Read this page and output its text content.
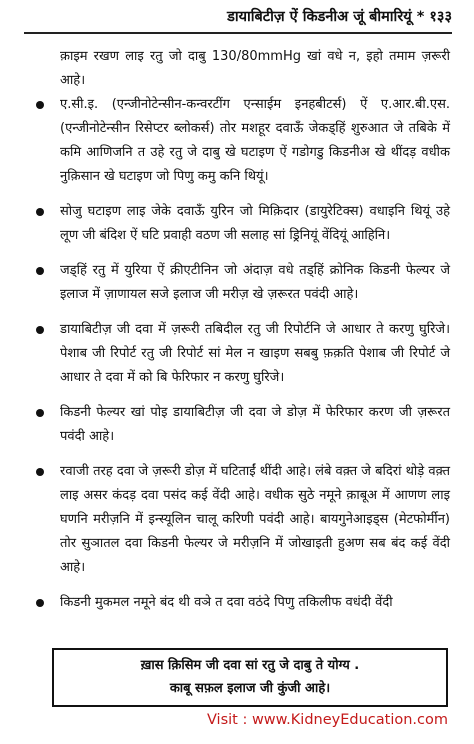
डायाबिटीज़ ऐं किडनीअ जूं बीमारियूं * १३३

क़ाइम रखण लाइ रतु जो दाबु 130/80mmHg खां वधे न, इहो तमाम ज़रूरी आहे।

ए.सी.इ. (एन्जीनोटेन्सीन-कन्वरटींग एन्साईम इनहबीटर्स) ऐं ए.आर.बी.एस. (एन्जीनोटेन्सीन रिसेप्टर ब्लोकर्स) तोर मशहूर दवाऊँ जेकड्हिं शुरुआत जे तबिके में कमि आणिजनि त उहे रतु जे दाबु खे घटाइण ऐं गडोगडु किडनीअ खे थींदड़ वधीक नुक़िसान खे घटाइण जो पिणु कमु कनि थियूं।
सोजु घटाइण लाइ जेके दवाऊँ युरिन जो मिक़िदार (डायुरेटिक्स) वधाइनि थियूं उहे लूण जी बंदिश ऐं घटि प्रवाही वठण जी सलाह सां ड्रिनियूं वेंदियूं आहिनि।
जड्हिं रतु में युरिया ऐं क्रीएटीनिन जो अंदाज़ वधे तड्हिं क्रोनिक किडनी फेल्यर जे इलाज में ज़ाणायल सजे इलाज जी मरीज़ खे ज़रूरत पवंदी आहे।
डायाबिटीज़ जी दवा में ज़रूरी तबिदील रतु जी रिपोर्टनि जे आधार ते करणु घुरिजे। पेशाब जी रिपोर्ट रतु जी रिपोर्ट सां मेल न खाइण सबबु फ़क़ति पेशाब जी रिपोर्ट जे आधार ते दवा में को बि फेरिफार न करणु घुरिजे।
किडनी फेल्यर खां पोइ डायाबिटीज़ जी दवा जे डोज़ में फेरिफार करण जी ज़रूरत पवंदी आहे।
रवाजी तरह दवा जे ज़रूरी डोज़ में घटिताईं थींदी आहे। लंबे वक़्त जे बदिरां थोड़े वक़्त लाइ असर कंदड़ दवा पसंद कई वेंदी आहे। वधीक सुठे नमूने क़ाबूअ में आणण लाइ घणनि मरीज़नि में इन्स्यूलिन चालू करिणी पवंदी आहे। बायगुनेआइड्स (मेटफोर्मीन) तोर सुञातल दवा किडनी फेल्यर जे मरीज़नि में जोखाइती हुअण सब बंद कई वेंदी आहे।
किडनी मुकमल नमूने बंद थी वञे त दवा वठंदे पिणु तकिलीफ वधंदी वेंदी
ख़ास क़िसिम जी दवा सां रतु जे दाबु ते योग्य .
काबू सफ़ल इलाज जी कुंजी आहे।
Visit : www.KidneyEducation.com
